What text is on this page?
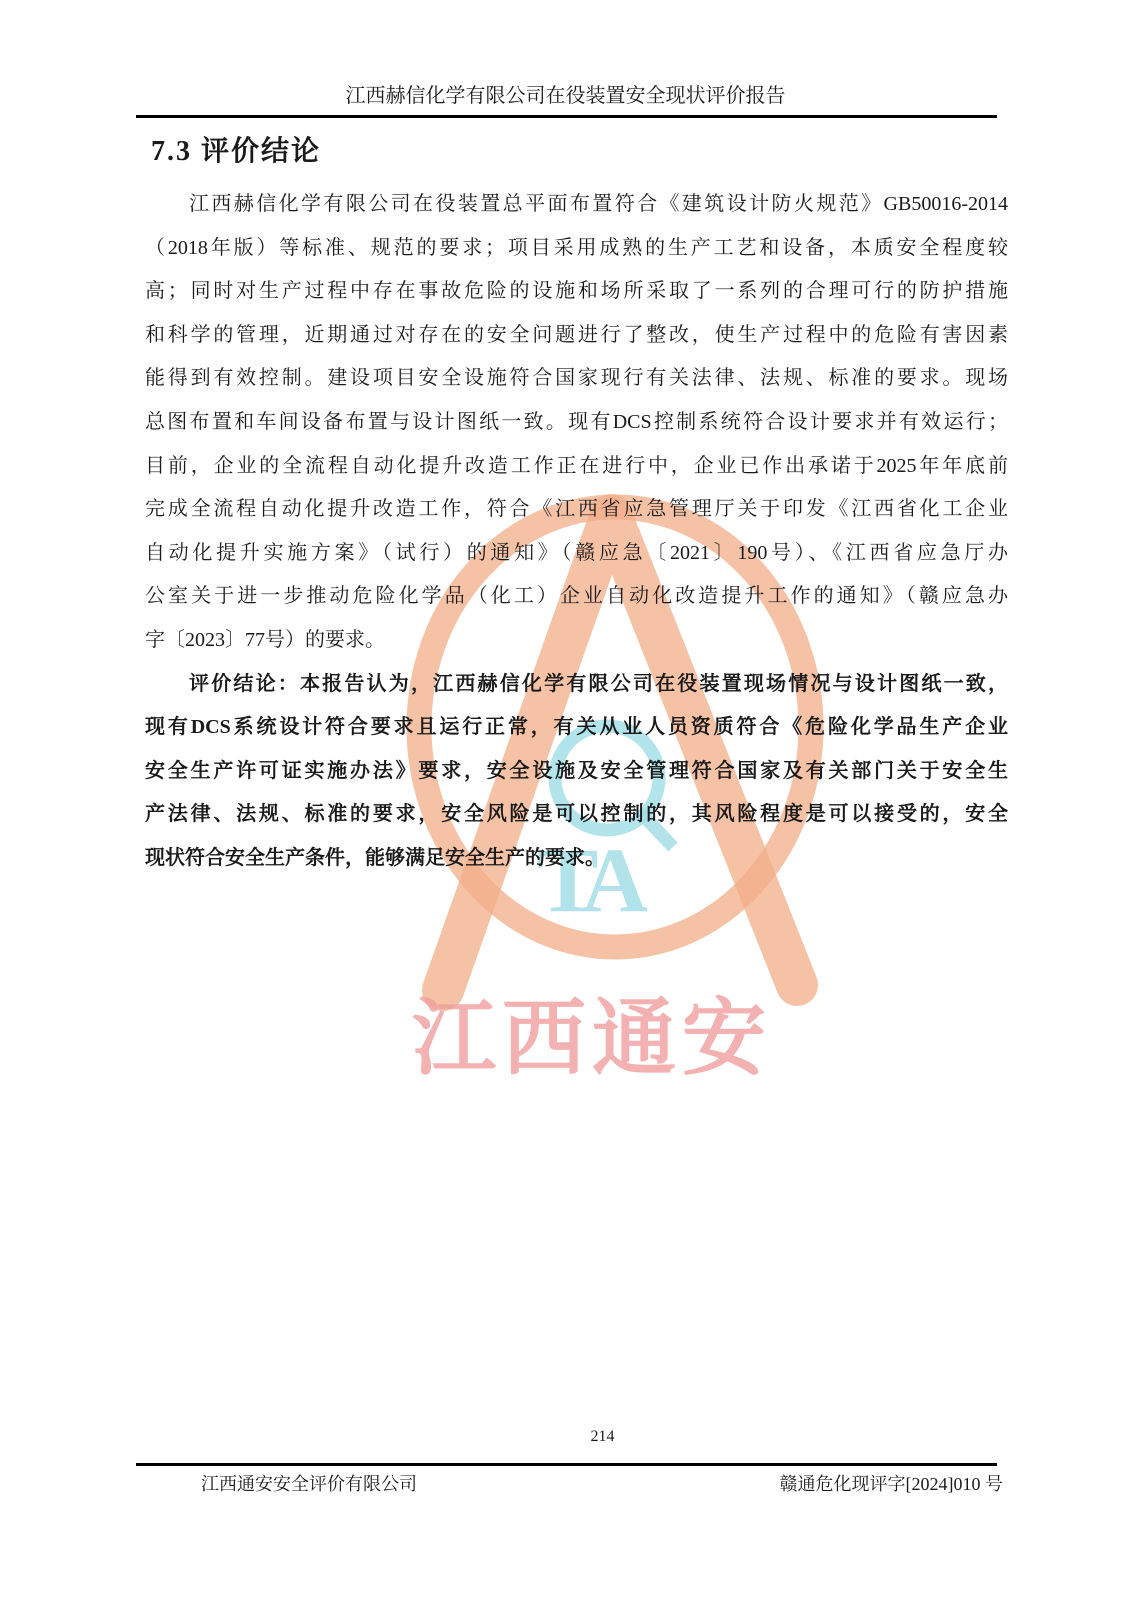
TA
江西通安
江西赫信化学有限公司在役装置安全现状评价报告
7.3 评价结论
江西赫信化学有限公司在役装置总平面布置符合《建筑设计防火规范》GB50016-2014
（2018年版）等标准、规范的要求；项目采用成熟的生产工艺和设备，本质安全程度较
高；同时对生产过程中存在事故危险的设施和场所采取了一系列的合理可行的防护措施
和科学的管理，近期通过对存在的安全问题进行了整改，使生产过程中的危险有害因素
能得到有效控制。建设项目安全设施符合国家现行有关法律、法规、标准的要求。现场
总图布置和车间设备布置与设计图纸一致。现有DCS控制系统符合设计要求并有效运行；
目前，企业的全流程自动化提升改造工作正在进行中，企业已作出承诺于2025年年底前
完成全流程自动化提升改造工作，符合《江西省应急管理厅关于印发《江西省化工企业
自动化提升实施方案》（试行）的通知》（赣应急〔2021〕190号）、《江西省应急厅办
公室关于进一步推动危险化学品（化工）企业自动化改造提升工作的通知》（赣应急办
字〔2023〕77号）的要求。
评价结论：本报告认为，江西赫信化学有限公司在役装置现场情况与设计图纸一致，
现有DCS系统设计符合要求且运行正常，有关从业人员资质符合《危险化学品生产企业
安全生产许可证实施办法》要求，安全设施及安全管理符合国家及有关部门关于安全生
产法律、法规、标准的要求，安全风险是可以控制的，其风险程度是可以接受的，安全
现状符合安全生产条件，能够满足安全生产的要求。
214
江西通安安全评价有限公司	赣通危化现评字[2024]010 号
